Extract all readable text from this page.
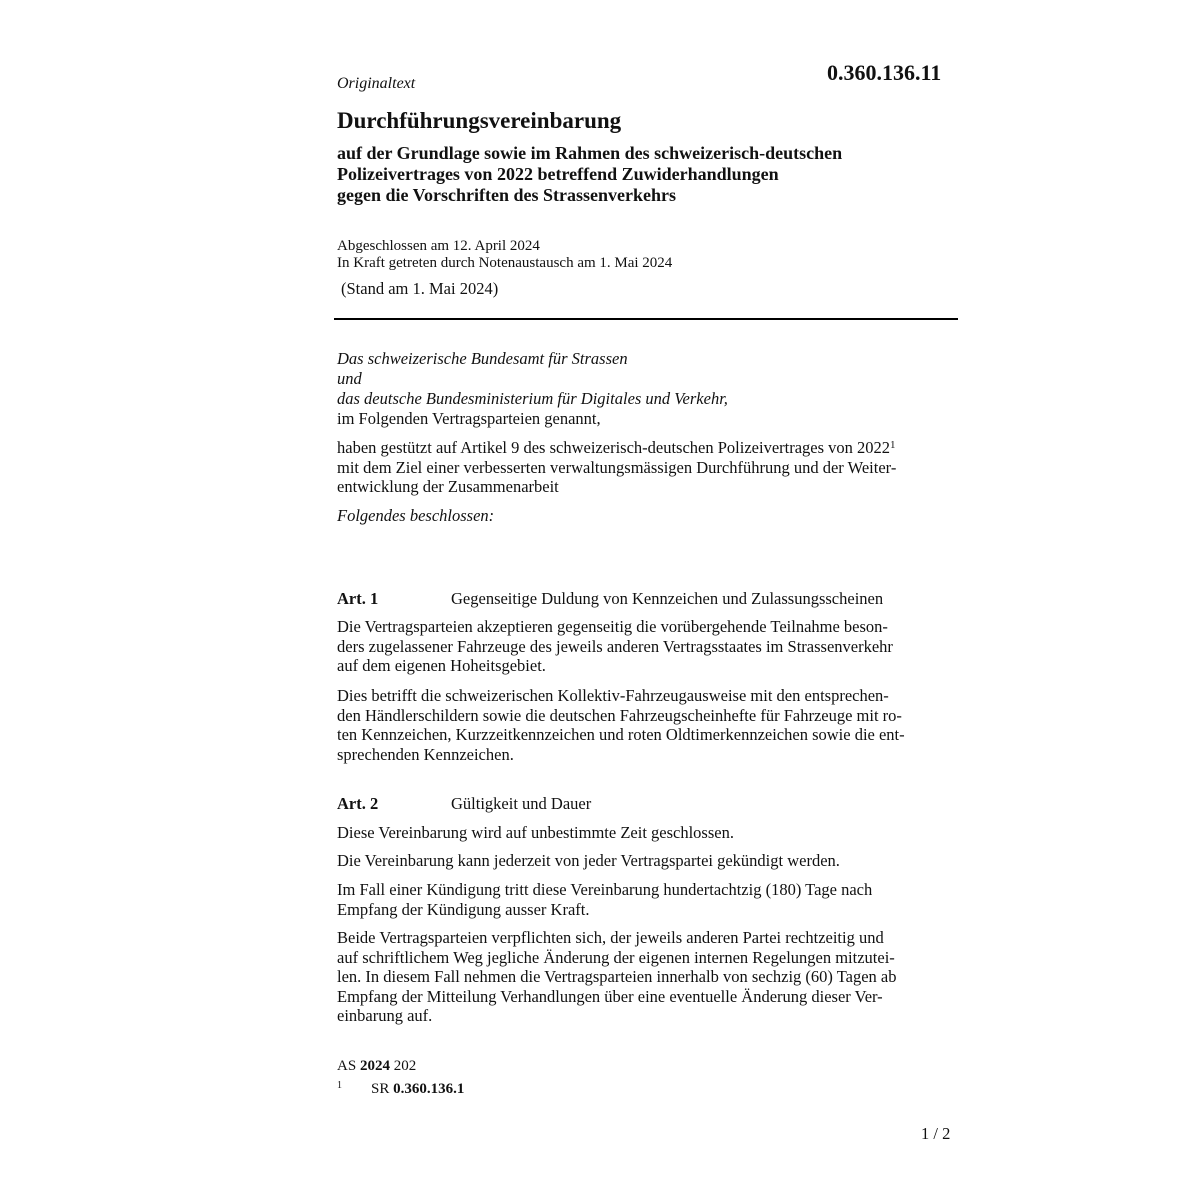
0.360.136.11
Originaltext
Durchführungsvereinbarung
auf der Grundlage sowie im Rahmen des schweizerisch-deutschen
Polizeivertrages von 2022 betreffend Zuwiderhandlungen
gegen die Vorschriften des Strassenverkehrs
Abgeschlossen am 12. April 2024
In Kraft getreten durch Notenaustausch am 1. Mai 2024
(Stand am 1. Mai 2024)
Das schweizerische Bundesamt für Strassen
und
das deutsche Bundesministerium für Digitales und Verkehr,
im Folgenden Vertragsparteien genannt,
haben gestützt auf Artikel 9 des schweizerisch-deutschen Polizeivertrages von 2022$^1$
mit dem Ziel einer verbesserten verwaltungsmässigen Durchführung und der Weiter-
entwicklung der Zusammenarbeit
Folgendes beschlossen:
Art. 1	Gegenseitige Duldung von Kennzeichen und Zulassungsscheinen
Die Vertragsparteien akzeptieren gegenseitig die vorübergehende Teilnahme beson-
ders zugelassener Fahrzeuge des jeweils anderen Vertragsstaates im Strassenverkehr
auf dem eigenen Hoheitsgebiet.
Dies betrifft die schweizerischen Kollektiv-Fahrzeugausweise mit den entsprechen-
den Händlerschildern sowie die deutschen Fahrzeugscheinhefte für Fahrzeuge mit ro-
ten Kennzeichen, Kurzzeitkennzeichen und roten Oldtimerkennzeichen sowie die ent-
sprechenden Kennzeichen.
Art. 2	Gültigkeit und Dauer
Diese Vereinbarung wird auf unbestimmte Zeit geschlossen.
Die Vereinbarung kann jederzeit von jeder Vertragspartei gekündigt werden.
Im Fall einer Kündigung tritt diese Vereinbarung hundertachtzig (180) Tage nach
Empfang der Kündigung ausser Kraft.
Beide Vertragsparteien verpflichten sich, der jeweils anderen Partei rechtzeitig und
auf schriftlichem Weg jegliche Änderung der eigenen internen Regelungen mitzutei-
len. In diesem Fall nehmen die Vertragsparteien innerhalb von sechzig (60) Tagen ab
Empfang der Mitteilung Verhandlungen über eine eventuelle Änderung dieser Ver-
einbarung auf.
AS 2024 202
1 SR 0.360.136.1
1 / 2
